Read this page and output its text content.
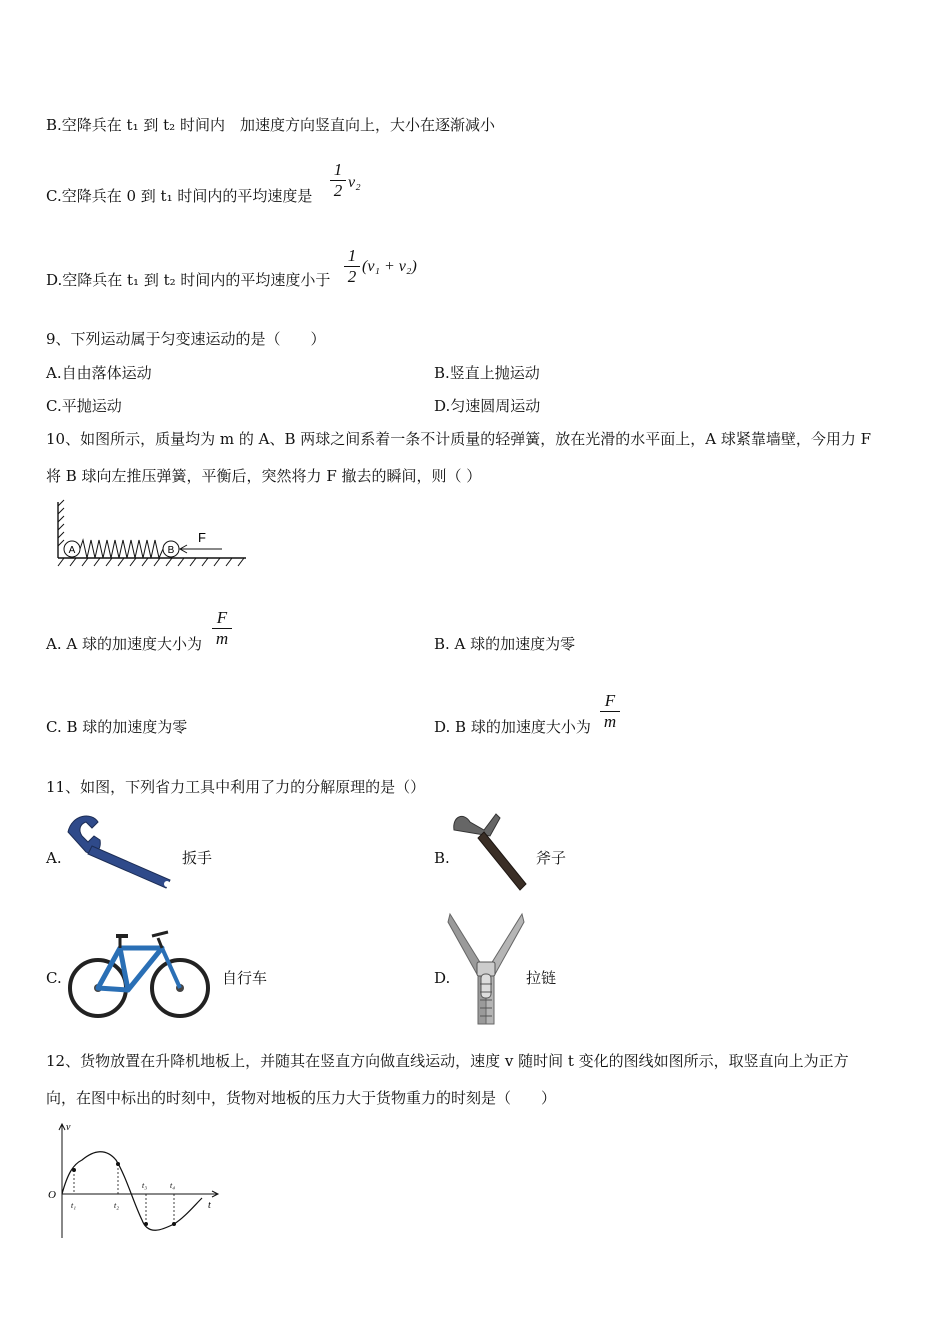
B.空降兵在 t₁ 到 t₂ 时间内　加速度方向竖直向上，大小在逐渐减小
C.空降兵在 0 到 t₁ 时间内的平均速度是 $\frac{1}{2} v_2$
D.空降兵在 t₁ 到 t₂ 时间内的平均速度小于 $\frac{1}{2} (v_1 + v_2)$
9、下列运动属于匀变速运动的是（　　）
A.自由落体运动	B.竖直上抛运动
C.平抛运动	D.匀速圆周运动
10、如图所示，质量均为 m 的 A、B 两球之间系着一条不计质量的轻弹簧，放在光滑的水平面上，A 球紧靠墙壁，今用力 F
将 B 球向左推压弹簧，平衡后，突然将力 F 撤去的瞬间，则（ ）
A	B
F
A. A 球的加速度大小为 $\frac{F}{m}$	B. A 球的加速度为零
C. B 球的加速度为零	D. B 球的加速度大小为 $\frac{F}{m}$
11、如图，下列省力工具中利用了力的分解原理的是（）
A.	扳手	B.	斧子
C.	自行车	D.	拉链
12、货物放置在升降机地板上，并随其在竖直方向做直线运动，速度 v 随时间 t 变化的图线如图所示，取竖直向上为正方
向，在图中标出的时刻中，货物对地板的压力大于货物重力的时刻是（　　）
v
O
t
t₁	t₂
t₃	t₄
